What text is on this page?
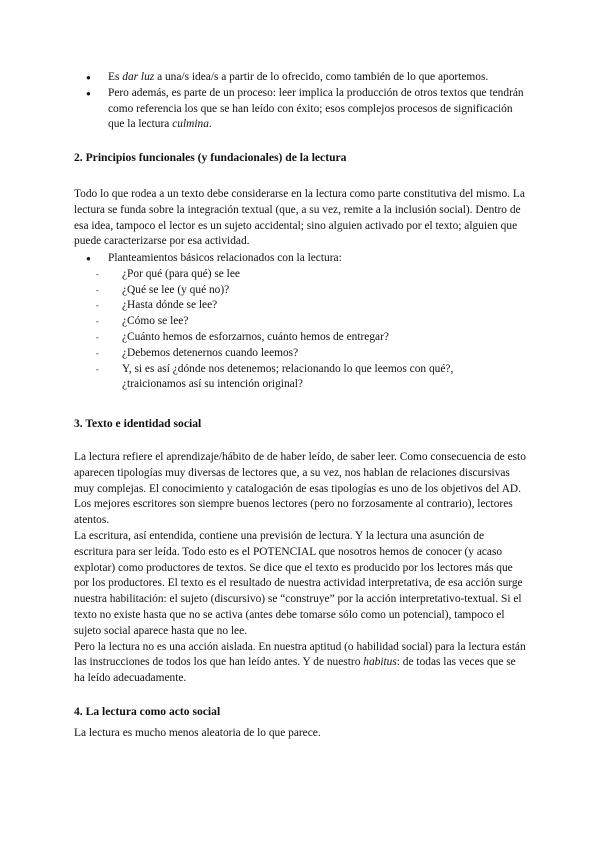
● Es dar luz a una/s idea/s a partir de lo ofrecido, como también de lo que aportemos.
● Pero además, es parte de un proceso: leer implica la producción de otros textos que tendrán como referencia los que se han leído con éxito; esos complejos procesos de significación que la lectura culmina.
2. Principios funcionales (y fundacionales) de la lectura

Todo lo que rodea a un texto debe considerarse en la lectura como parte constitutiva del mismo. La lectura se funda sobre la integración textual (que, a su vez, remite a la inclusión social). Dentro de esa idea, tampoco el lector es un sujeto accidental; sino alguien activado por el texto; alguien que puede caracterizarse por esa actividad.

● Planteamientos básicos relacionados con la lectura:
- ¿Por qué (para qué) se lee
- ¿Qué se lee (y qué no)?
- ¿Hasta dónde se lee?
- ¿Cómo se lee?
- ¿Cuánto hemos de esforzarnos, cuánto hemos de entregar?
- ¿Debemos detenernos cuando leemos?
- Y, si es así ¿dónde nos detenemos; relacionando lo que leemos con qué?, ¿traicionamos así su intención original?
3. Texto e identidad social

La lectura refiere el aprendizaje/hábito de de haber leído, de saber leer. Como consecuencia de esto aparecen tipologías muy diversas de lectores que, a su vez, nos hablan de relaciones discursivas muy complejas. El conocimiento y catalogación de esas tipologías es uno de los objetivos del AD. Los mejores escritores son siempre buenos lectores (pero no forzosamente al contrario), lectores atentos.

La escritura, así entendida, contiene una previsión de lectura. Y la lectura una asunción de escritura para ser leída. Todo esto es el POTENCIAL que nosotros hemos de conocer (y acaso explotar) como productores de textos. Se dice que el texto es producido por los lectores más que por los productores. El texto es el resultado de nuestra actividad interpretativa, de esa acción surge nuestra habilitación: el sujeto (discursivo) se “construye” por la acción interpretativo-textual. Si el texto no existe hasta que no se activa (antes debe tomarse sólo como un potencial), tampoco el sujeto social aparece hasta que no lee.

Pero la lectura no es una acción aislada. En nuestra aptitud (o habilidad social) para la lectura están las instrucciones de todos los que han leído antes. Y de nuestro habitus: de todas las veces que se ha leído adecuadamente.

4. La lectura como acto social

La lectura es mucho menos aleatoria de lo que parece.
